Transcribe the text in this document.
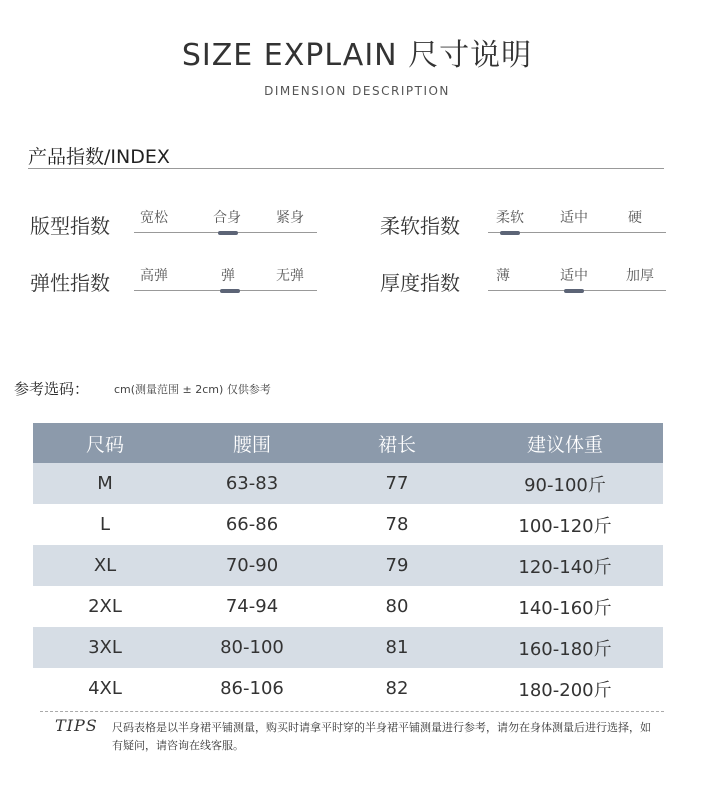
SIZE EXPLAIN 尺寸说明
DIMENSION DESCRIPTION
产品指数/INDEX
版型指数 宽松	合身	紧身	柔软指数	柔软	适中	硬
弹性指数 高弹	弹	无弹	厚度指数	薄	适中	加厚
参考选码： cm(测量范围 ± 2cm) 仅供参考
尺码	腰围	裙长	建议体重
M	63-83	77	90-100斤
L	66-86	78	100-120斤
XL	70-90	79	120-140斤
2XL	74-94	80	140-160斤
3XL	80-100	81	160-180斤
4XL	86-106	82	180-200斤
TIPS 尺码表格是以半身裙平铺测量，购买时请拿平时穿的半身裙平铺测量进行参考，请勿在身体测量后进行选择，如有疑问，请咨询在线客服。
